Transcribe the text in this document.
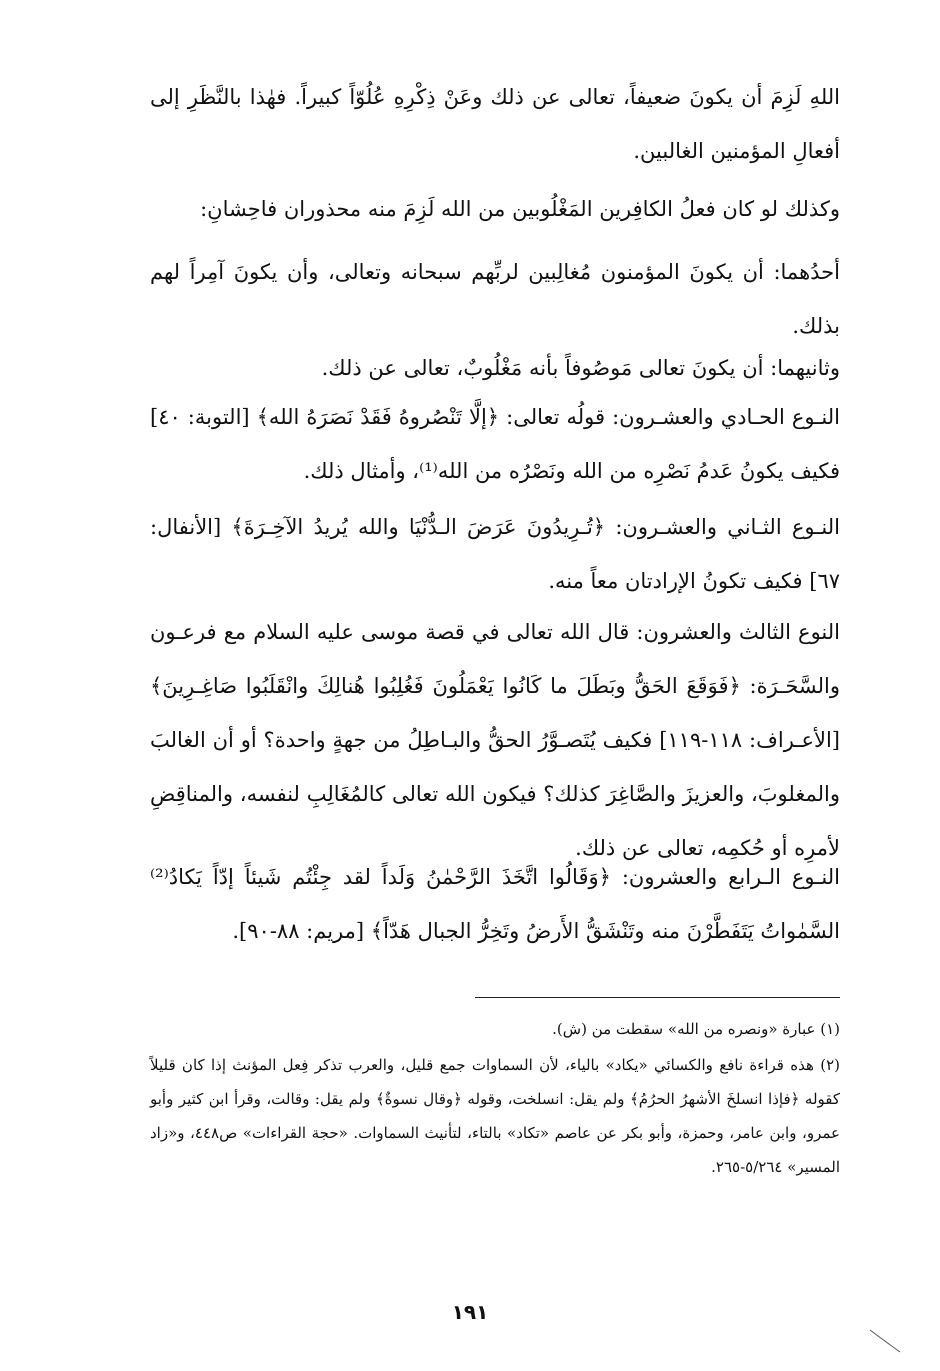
اللهِ لَزِمَ أن يكونَ ضعيفاً، تعالى عن ذلك وعَنْ ذِكْرِهِ عُلُوّاً كبيراً. فهٰذا بالنَّظَرِ إلى أفعالِ المؤمنين الغالبين.

وكذلك لو كان فعلُ الكافِرين المَغْلُوبين من الله لَزِمَ منه محذوران فاحِشانِ:

أحدُهما: أن يكونَ المؤمنون مُغالِبين لربِّهم سبحانه وتعالى، وأن يكونَ آمِراً لهم بذلك.

وثانيهما: أن يكونَ تعالى مَوصُوفاً بأنه مَغْلُوبٌ، تعالى عن ذلك.

النـوع الحـادي والعشـرون: قولُه تعالى: ﴿إلَّا تَنْصُروهُ فَقَدْ نَصَرَهُ الله﴾ [التوبة: ٤٠] فكيف يكونُ عَدمُ نَصْرِه من الله ونَصْرُه من الله⁽¹⁾، وأمثال ذلك.

النـوع الثـاني والعشـرون: ﴿تُـرِيدُونَ عَرَضَ الـدُّنْيَا والله يُريدُ الآخِـرَةَ﴾ [الأنفال: ٦٧] فكيف تكونُ الإرادتان معاً منه.

النوع الثالث والعشرون: قال الله تعالى في قصة موسى عليه السلام مع فرعـون والسَّحَـرَة: ﴿فَوَقَعَ الحَقُّ وبَطَلَ ما كَانُوا يَعْمَلُونَ فَغُلِبُوا هُنالِكَ وانْقَلَبُوا صَاغِـرِينَ﴾ [الأعـراف: ١١٨-١١٩] فكيف يُتَصـوَّرُ الحقُّ والبـاطِلُ من جهةٍ واحدة؟ أو أن الغالبَ والمغلوبَ، والعزيزَ والصَّاغِرَ كذلك؟ فيكون الله تعالى كالمُغَالِبِ لنفسه، والمناقِضِ لأمرِه أو حُكمِه، تعالى عن ذلك.

النـوع الـرابع والعشرون: ﴿وَقَالُوا اتَّخَذَ الرَّحْمٰنُ وَلَداً لقد جِئْتُم شَيئاً إدّاً يَكادُ⁽²⁾ السَّمٰواتُ يَتَفَطَّرْنَ منه وتَنْشَقُّ الأَرضُ وتَخِرُّ الجبال هَدّاً﴾ [مريم: ٨٨-٩٠].

(١) عبارة «ونصره من الله» سقطت من (ش).

(٢) هذه قراءة نافع والكسائي «يكاد» بالياء، لأن السماوات جمع قليل، والعرب تذكر فِعل المؤنث إذا كان قليلاً كقوله ﴿فإذا انسلخَ الأشهرُ الحرُمُ﴾ ولم يقل: انسلخت، وقوله ﴿وقال نسوةٌ﴾ ولم يقل: وقالت، وقرأ ابن كثير وأبو عمرو، وابن عامر، وحمزة، وأبو بكر عن عاصم «تكاد» بالتاء، لتأنيث السماوات. «حجة القراءات» ص٤٤٨، و«زاد المسير» ٥/٢٦٤-٢٦٥.

١٩١
